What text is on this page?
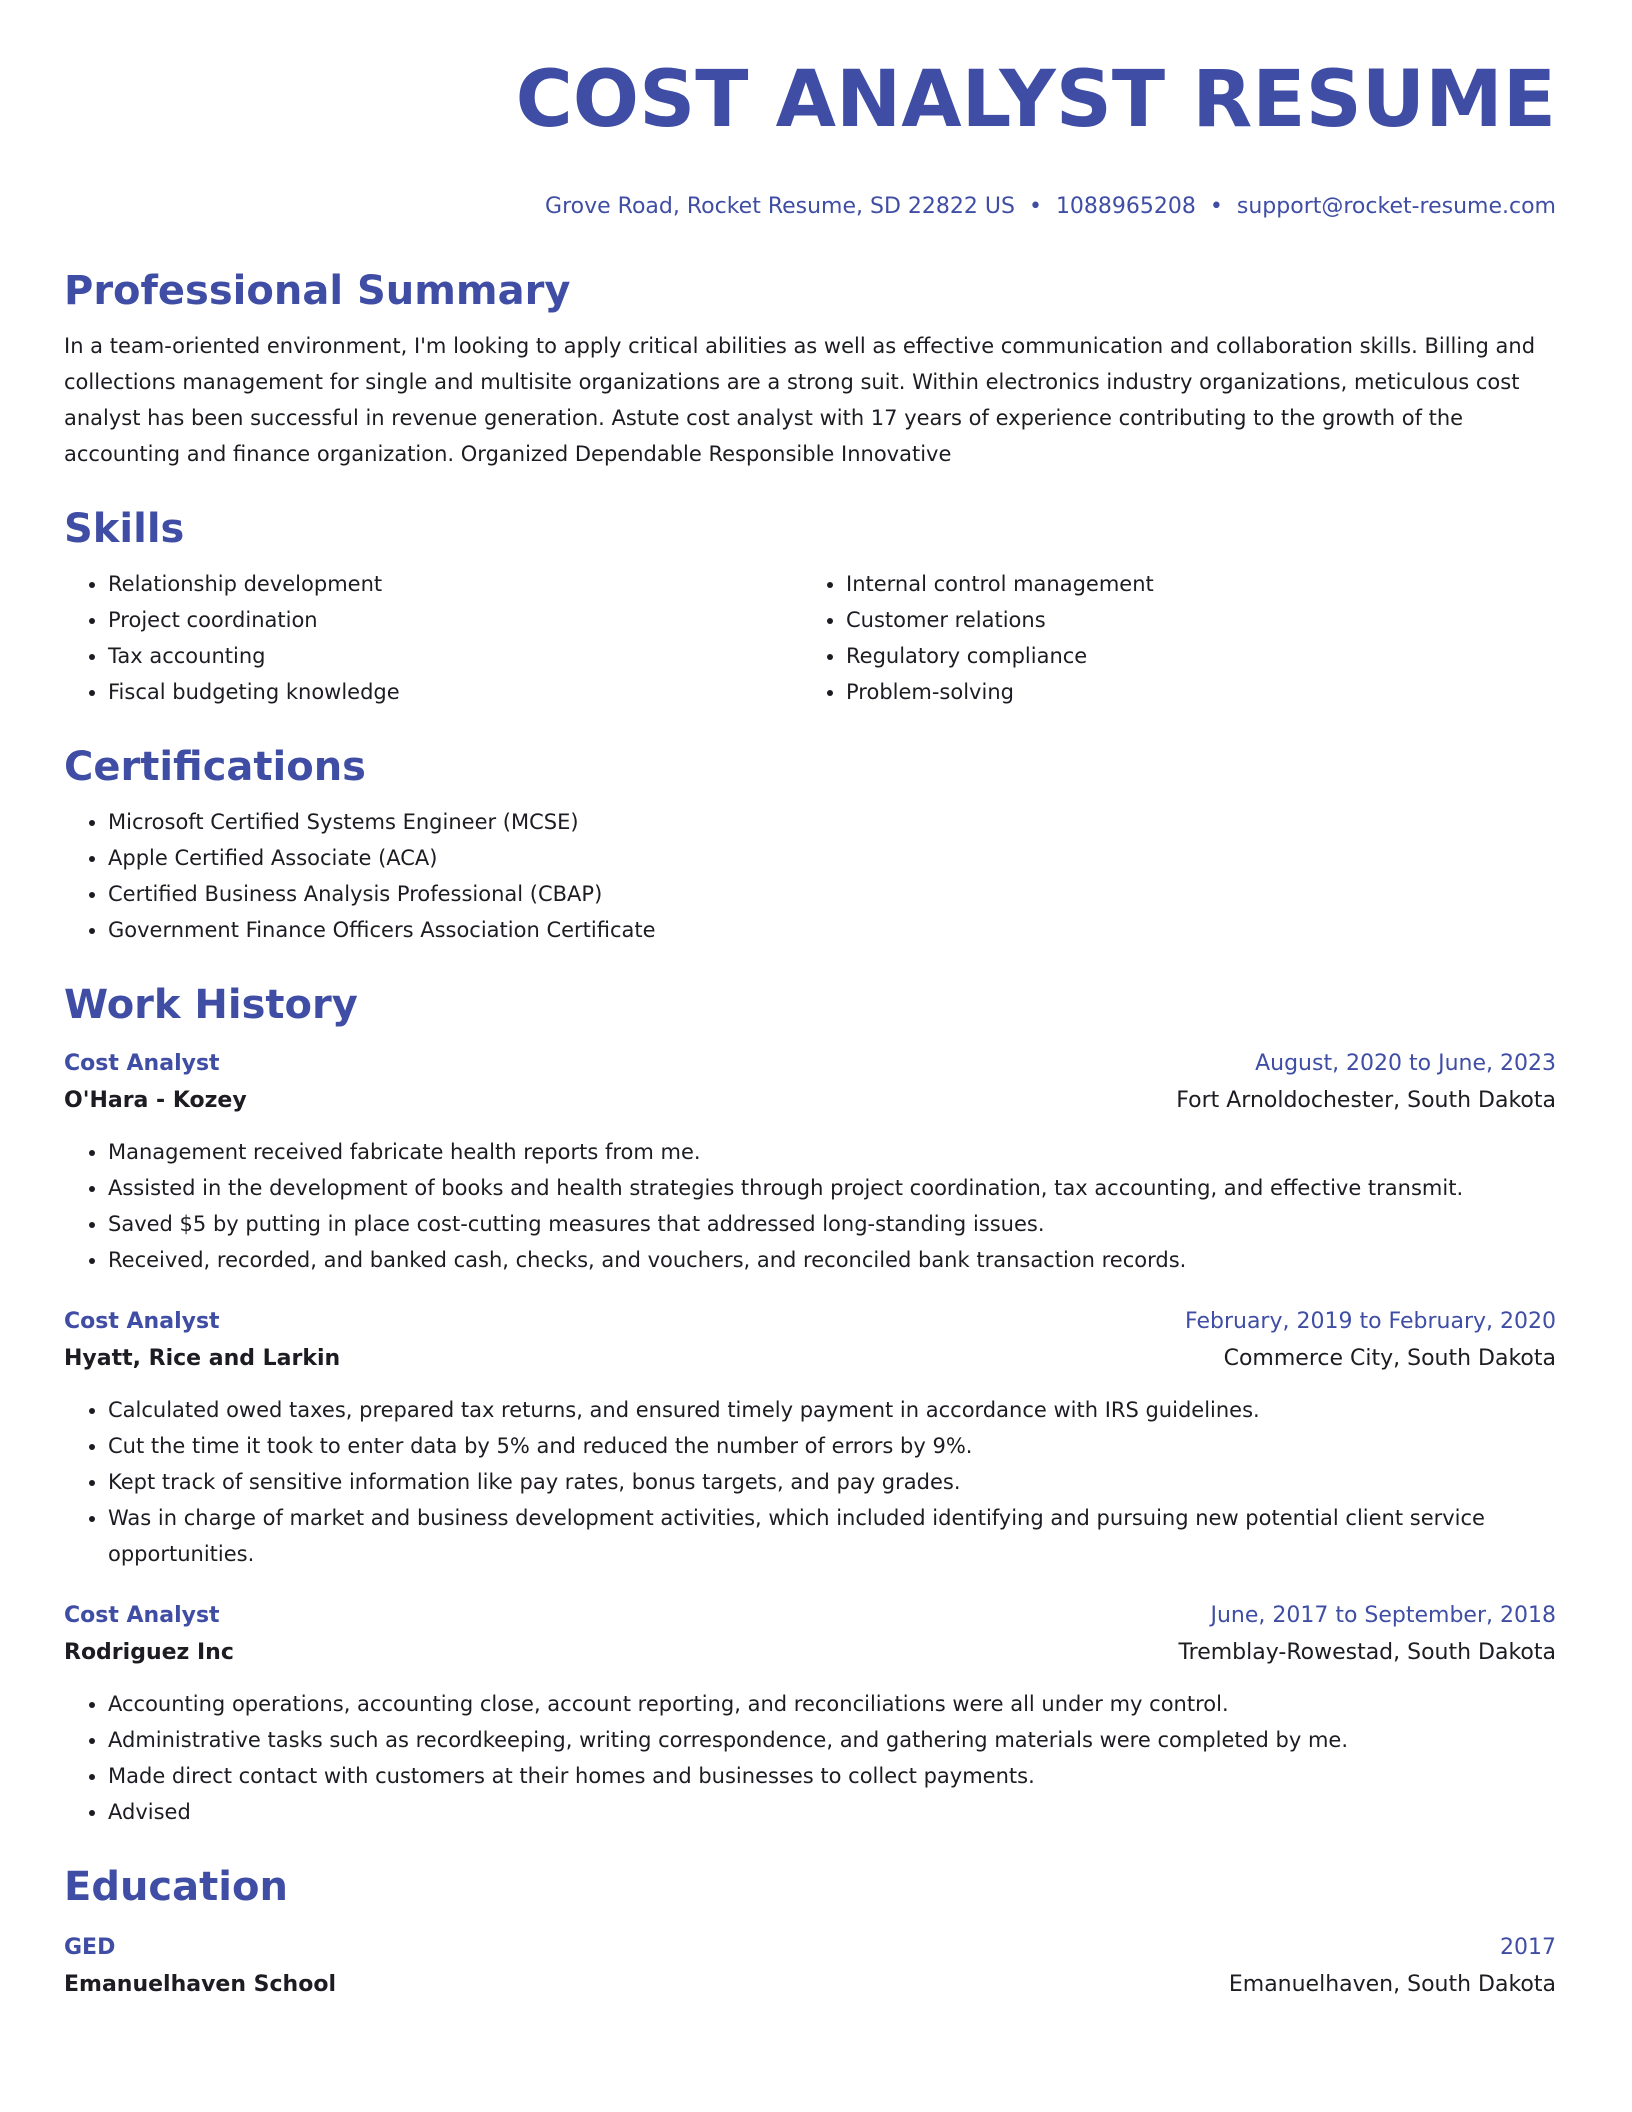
COST ANALYST RESUME
Grove Road, Rocket Resume, SD 22822 US • 1088965208 • support@rocket-resume.com
Professional Summary
In a team-oriented environment, I'm looking to apply critical abilities as well as effective communication and collaboration skills. Billing and collections management for single and multisite organizations are a strong suit. Within electronics industry organizations, meticulous cost analyst has been successful in revenue generation. Astute cost analyst with 17 years of experience contributing to the growth of the accounting and finance organization. Organized Dependable Responsible Innovative
Skills
• Relationship development
• Project coordination
• Tax accounting
• Fiscal budgeting knowledge
• Internal control management
• Customer relations
• Regulatory compliance
• Problem-solving
Certifications
• Microsoft Certified Systems Engineer (MCSE)
• Apple Certified Associate (ACA)
• Certified Business Analysis Professional (CBAP)
• Government Finance Officers Association Certificate
Work History
Cost Analyst	August, 2020 to June, 2023
O'Hara - Kozey	Fort Arnoldochester, South Dakota
• Management received fabricate health reports from me.
• Assisted in the development of books and health strategies through project coordination, tax accounting, and effective transmit.
• Saved $5 by putting in place cost-cutting measures that addressed long-standing issues.
• Received, recorded, and banked cash, checks, and vouchers, and reconciled bank transaction records.
Cost Analyst	February, 2019 to February, 2020
Hyatt, Rice and Larkin	Commerce City, South Dakota
• Calculated owed taxes, prepared tax returns, and ensured timely payment in accordance with IRS guidelines.
• Cut the time it took to enter data by 5% and reduced the number of errors by 9%.
• Kept track of sensitive information like pay rates, bonus targets, and pay grades.
• Was in charge of market and business development activities, which included identifying and pursuing new potential client service opportunities.
Cost Analyst	June, 2017 to September, 2018
Rodriguez Inc	Tremblay-Rowestad, South Dakota
• Accounting operations, accounting close, account reporting, and reconciliations were all under my control.
• Administrative tasks such as recordkeeping, writing correspondence, and gathering materials were completed by me.
• Made direct contact with customers at their homes and businesses to collect payments.
• Advised
Education
GED	2017
Emanuelhaven School	Emanuelhaven, South Dakota
